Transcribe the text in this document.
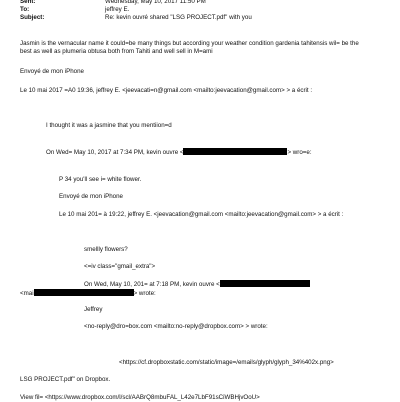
Sent:	Wednesday, May 10, 2017 11:50 PM
To:	jeffrey E.
Subject:	Re: kevin ouvré shared "LSG PROJECT.pdf" with you
Jasmin is the vernacular name it could=be many things but according your weather condition gardenia tahitensis wil= be the best as well as plumeria obtusa both from Tahiti and well sell in M=ami
Envoyé de mon iPhone
Le 10 mai 2017 =A0 19:36, jeffrey E. <jeevacati=n@gmail.com <mailto:jeevacation@gmail.com> > a écrit :
I thought it was a jasmine that you mentiion=d
On Wed= May 10, 2017 at 7:34 PM, kevin ouvre <	> wro=e:
P 34 you'll see i= white flower.
Envoyé de mon iPhone
Le 10 mai 201= à 19:22, jeffrey E. <jeevacation@gmail.com <mailto:jeevacation@gmail.com> > a écrit :
smellly flowers?
<=iv class="gmail_extra">
On Wed, May 10, 201= at 7:18 PM, kevin ouvre <
<mai	> wrote:
Jeffrey
<no-reply@dro=box.com <mailto:no-reply@dropbox.com> > wrote:
<https://cf.dropboxstatic.com/static/image=/emails/glyph/glyph_34%402x.png>
LSG PROJECT.pdf" on Dropbox.
View fil= <https://www.dropbox.com/l/scl/AABrQ8mbuFAL_L42e7LbF91sCiWBHjvOoU>
